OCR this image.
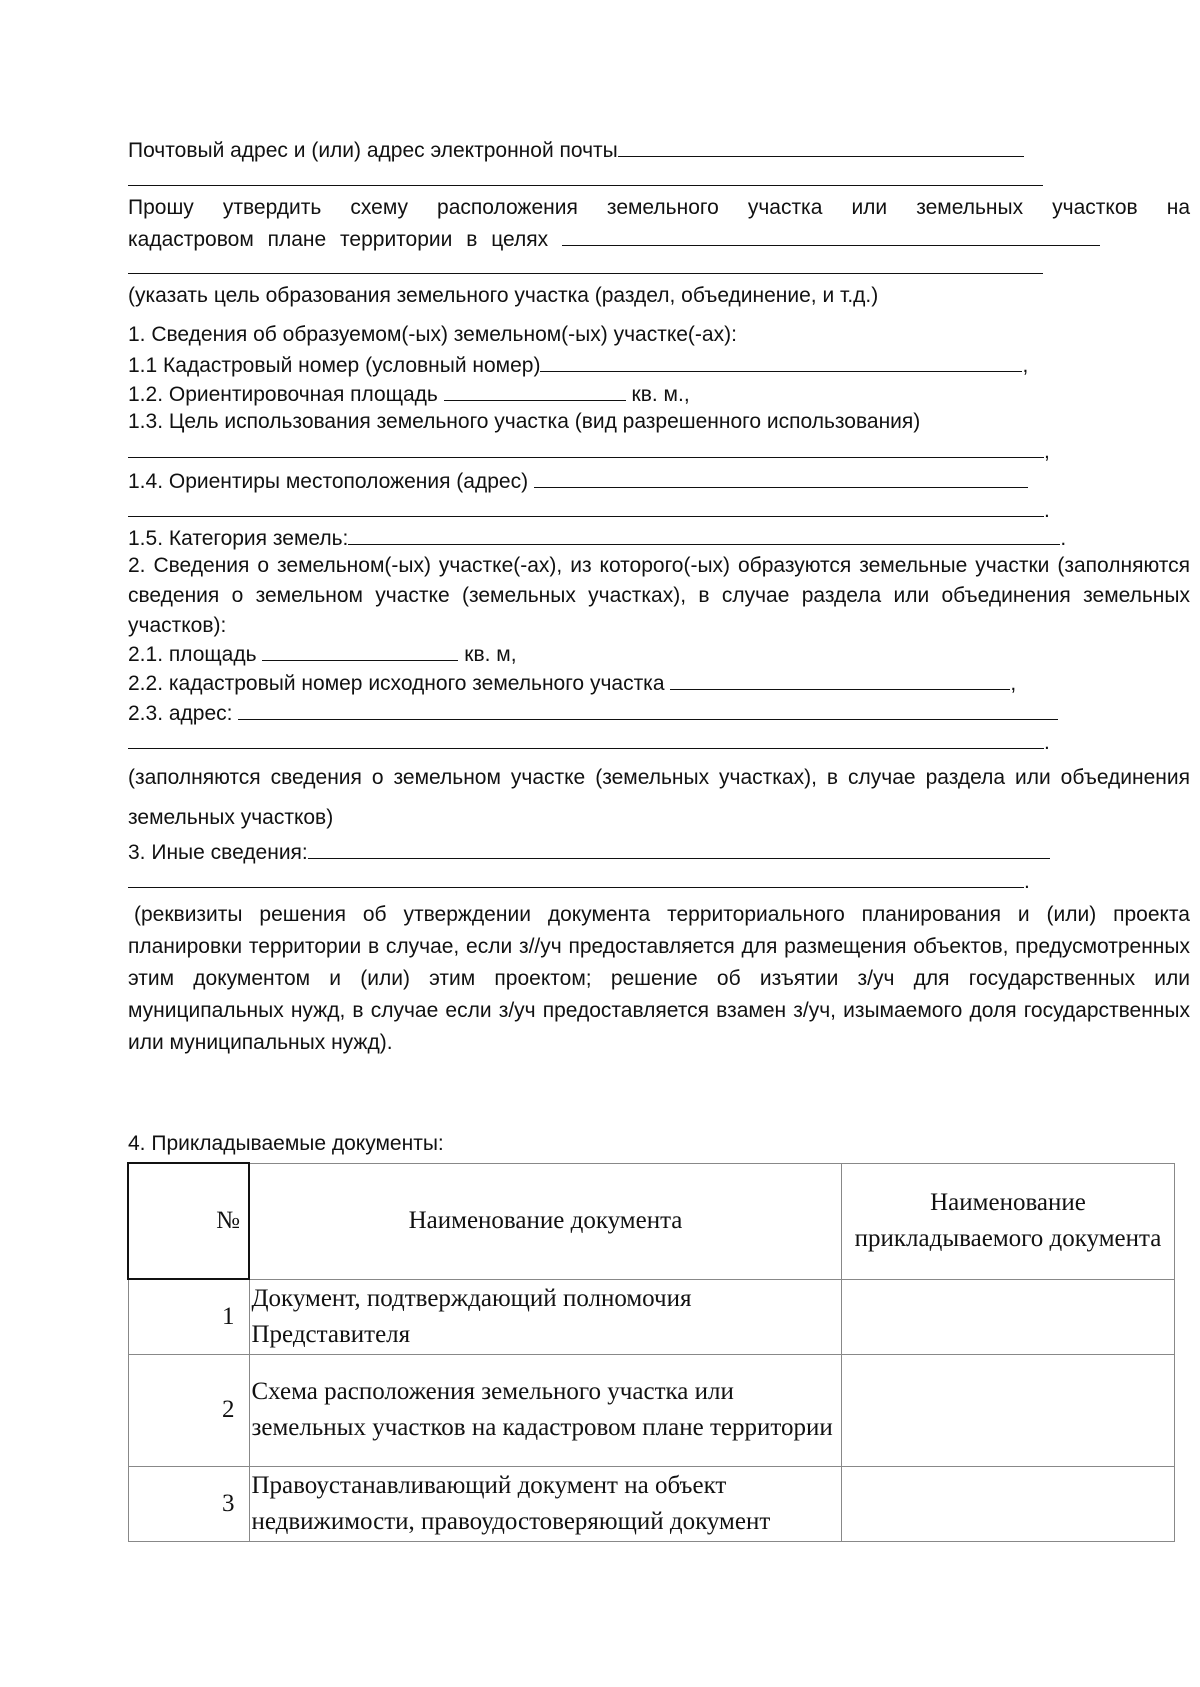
Почтовый адрес и (или) адрес электронной почты
Прошу утвердить схему расположения земельного участка или земельных участков на
кадастровом плане территории в целях
(указать цель образования земельного участка (раздел, объединение, и т.д.)
1. Сведения об образуемом(-ых) земельном(-ых) участке(-ах):
1.1 Кадастровый номер (условный номер)	,
1.2. Ориентировочная площадь	кв. м.,
1.3. Цель использования земельного участка (вид разрешенного использования)
,
1.4. Ориентиры местоположения (адрес)
.
1.5. Категория земель:	.
2. Сведения о земельном(-ых) участке(-ах), из которого(-ых) образуются земельные участки (заполняются сведения о земельном участке (земельных участках), в случае раздела или объединения земельных участков):
2.1. площадь	кв. м,
2.2. кадастровый номер исходного земельного участка	,
2.3. адрес:
.
(заполняются сведения о земельном участке (земельных участках), в случае раздела или объединения земельных участков)
3. Иные сведения:
.
(реквизиты решения об утверждении документа территориального планирования и (или) проекта планировки территории в случае, если з//уч предоставляется для размещения объектов, предусмотренных этим документом и (или) этим проектом; решение об изъятии з/уч для государственных или муниципальных нужд, в случае если з/уч предоставляется взамен з/уч, изымаемого доля государственных или муниципальных нужд).
4. Прикладываемые документы:
№	Наименование документа	Наименование прикладываемого документа
1	Документ, подтверждающий полномочия Представителя	
2	Схема расположения земельного участка или земельных участков на кадастровом плане территории	
3	Правоустанавливающий документ на объект недвижимости, правоудостоверяющий документ	
